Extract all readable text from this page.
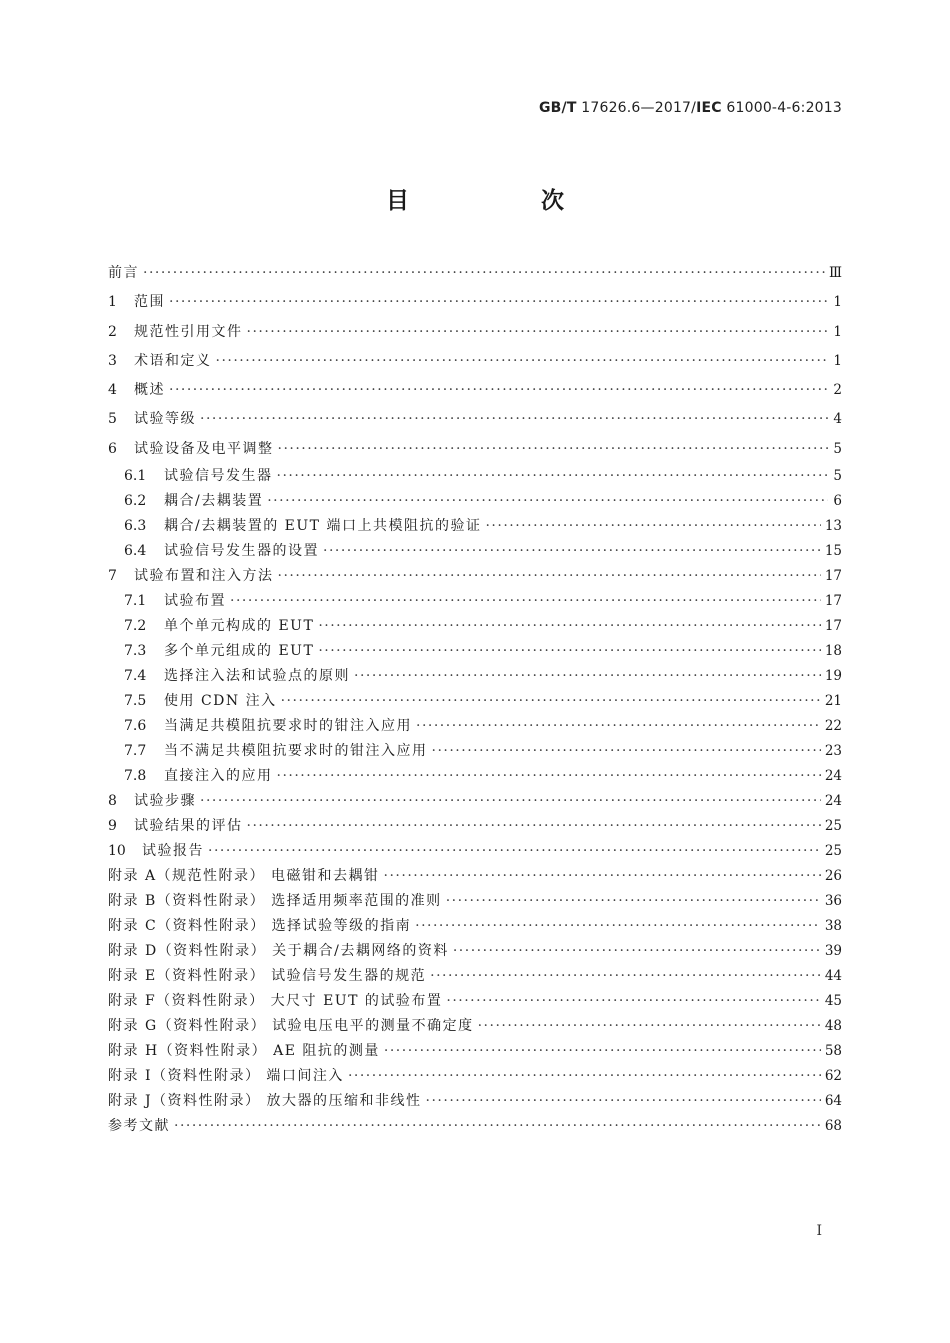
GB/T 17626.6—2017/IEC 61000-4-6:2013
目 次
前言 ·····	Ⅲ
1	范围 ·····	1
2	规范性引用文件 ·····	1
3	术语和定义 ·····	1
4	概述 ·····	2
5	试验等级 ·····	4
6	试验设备及电平调整 ·····	5
6.1	试验信号发生器 ·····	5
6.2	耦合/去耦装置 ·····	6
6.3	耦合/去耦装置的 EUT 端口上共模阻抗的验证 ·····	13
6.4	试验信号发生器的设置 ·····	15
7	试验布置和注入方法 ·····	17
7.1	试验布置 ·····	17
7.2	单个单元构成的 EUT ·····	17
7.3	多个单元组成的 EUT ·····	18
7.4	选择注入法和试验点的原则 ·····	19
7.5	使用 CDN 注入 ·····	21
7.6	当满足共模阻抗要求时的钳注入应用 ·····	22
7.7	当不满足共模阻抗要求时的钳注入应用 ·····	23
7.8	直接注入的应用 ·····	24
8	试验步骤 ·····	24
9	试验结果的评估 ·····	25
10	试验报告 ·····	25
附录 A（规范性附录） 电磁钳和去耦钳 ·····	26
附录 B（资料性附录） 选择适用频率范围的准则 ·····	36
附录 C（资料性附录） 选择试验等级的指南 ·····	38
附录 D（资料性附录） 关于耦合/去耦网络的资料 ·····	39
附录 E（资料性附录） 试验信号发生器的规范 ·····	44
附录 F（资料性附录） 大尺寸 EUT 的试验布置 ·····	45
附录 G（资料性附录） 试验电压电平的测量不确定度 ·····	48
附录 H（资料性附录） AE 阻抗的测量 ·····	58
附录 I（资料性附录） 端口间注入 ·····	62
附录 J（资料性附录） 放大器的压缩和非线性 ·····	64
参考文献 ·····	68
I
